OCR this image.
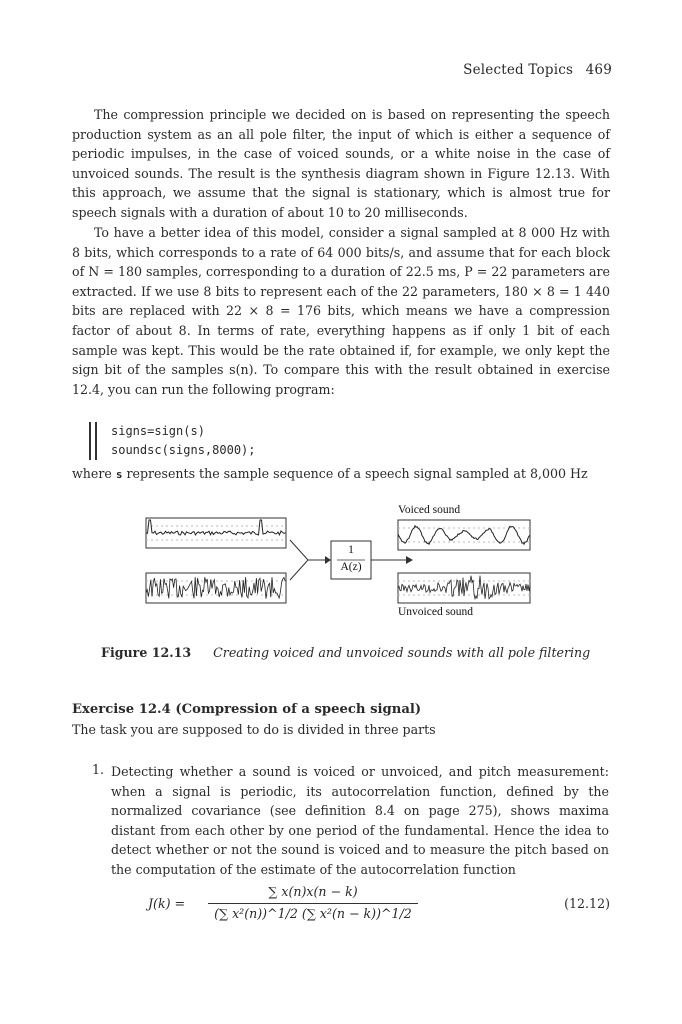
Selected Topics 469
The compression principle we decided on is based on representing the speech production system as an all pole filter, the input of which is either a sequence of periodic impulses, in the case of voiced sounds, or a white noise in the case of unvoiced sounds. The result is the synthesis diagram shown in Figure 12.13. With this approach, we assume that the signal is stationary, which is almost true for speech signals with a duration of about 10 to 20 milliseconds.
To have a better idea of this model, consider a signal sampled at 8 000 Hz with 8 bits, which corresponds to a rate of 64 000 bits/s, and assume that for each block of N = 180 samples, corresponding to a duration of 22.5 ms, P = 22 parameters are extracted. If we use 8 bits to represent each of the 22 parameters, 180 × 8 = 1 440 bits are replaced with 22 × 8 = 176 bits, which means we have a compression factor of about 8. In terms of rate, everything happens as if only 1 bit of each sample was kept. This would be the rate obtained if, for example, we only kept the sign bit of the samples s(n). To compare this with the result obtained in exercise 12.4, you can run the following program:
signs=sign(s)
soundsc(signs,8000);
where s represents the sample sequence of a speech signal sampled at 8,000 Hz
Voiced sound
Unvoiced sound
1
A(z)
Figure 12.13 Creating voiced and unvoiced sounds with all pole filtering
Exercise 12.4 (Compression of a speech signal)
The task you are supposed to do is divided in three parts
1. Detecting whether a sound is voiced or unvoiced, and pitch measurement: when a signal is periodic, its autocorrelation function, defined by the normalized covariance (see definition 8.4 on page 275), shows maxima distant from each other by one period of the fundamental. Hence the idea to detect whether or not the sound is voiced and to measure the pitch based on the computation of the estimate of the autocorrelation function
J(k) =
∑ x(n)x(n − k)
(∑ x²(n))^1/2 (∑ x²(n − k))^1/2
(12.12)
